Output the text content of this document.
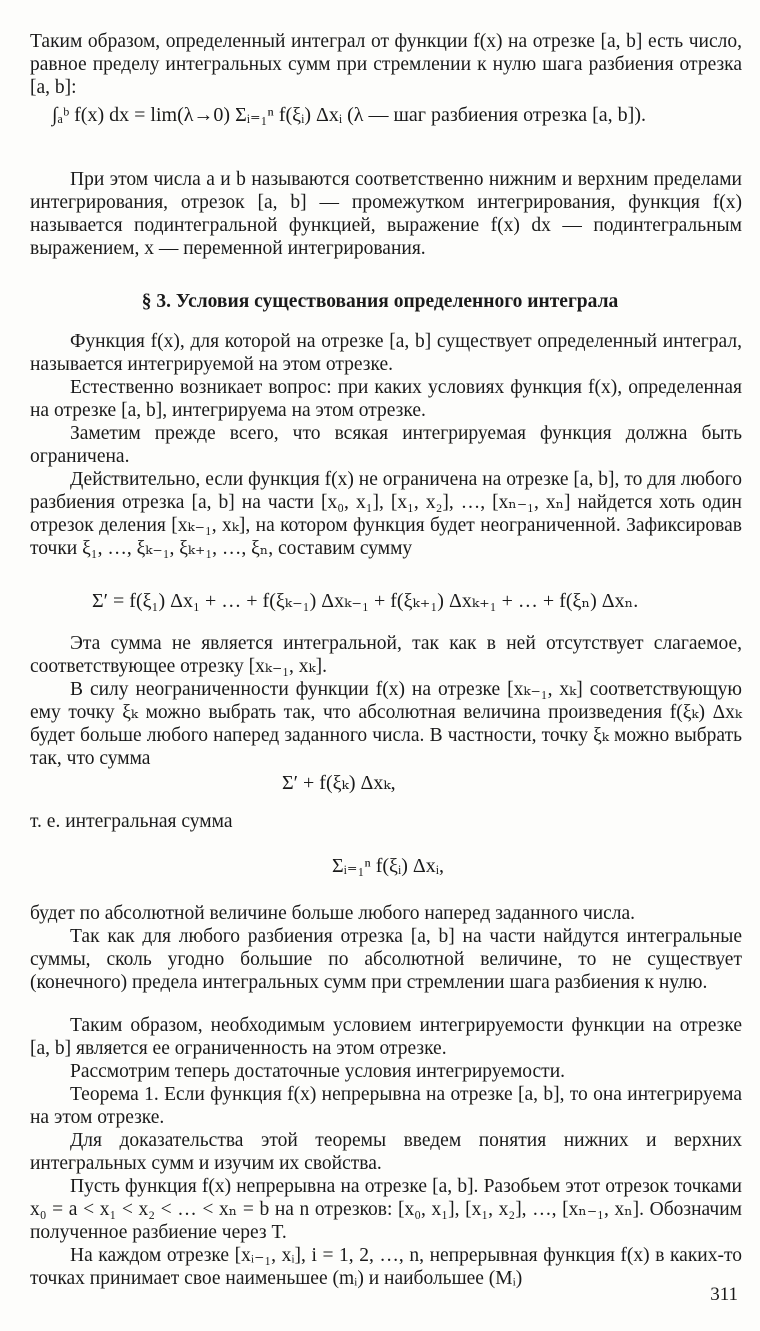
Таким образом, определенный интеграл от функции f(x) на отрезке [a, b] есть число, равное пределу интегральных сумм при стремлении к нулю шага разбиения отрезка [a, b]:

∫ₐᵇ f(x) dx = lim(λ→0) Σᵢ₌₁ⁿ f(ξᵢ) Δxᵢ (λ — шаг разбиения отрезка [a, b]).

При этом числа a и b называются соответственно нижним и верхним пределами интегрирования, отрезок [a, b] — промежутком интегрирования, функция f(x) называется подинтегральной функцией, выражение f(x) dx — подинтегральным выражением, x — переменной интегрирования.

§ 3. Условия существования определенного интеграла

Функция f(x), для которой на отрезке [a, b] существует определенный интеграл, называется интегрируемой на этом отрезке.

Естественно возникает вопрос: при каких условиях функция f(x), определенная на отрезке [a, b], интегрируема на этом отрезке.

Заметим прежде всего, что всякая интегрируемая функция должна быть ограничена.

Действительно, если функция f(x) не ограничена на отрезке [a, b], то для любого разбиения отрезка [a, b] на части [x₀, x₁], [x₁, x₂], …, [xₙ₋₁, xₙ] найдется хоть один отрезок деления [xₖ₋₁, xₖ], на котором функция будет неограниченной. Зафиксировав точки ξ₁, …, ξₖ₋₁, ξₖ₊₁, …, ξₙ, составим сумму

Σ′ = f(ξ₁) Δx₁ + … + f(ξₖ₋₁) Δxₖ₋₁ + f(ξₖ₊₁) Δxₖ₊₁ + … + f(ξₙ) Δxₙ.

Эта сумма не является интегральной, так как в ней отсутствует слагаемое, соответствующее отрезку [xₖ₋₁, xₖ].

В силу неограниченности функции f(x) на отрезке [xₖ₋₁, xₖ] соответствующую ему точку ξₖ можно выбрать так, что абсолютная величина произведения f(ξₖ) Δxₖ будет больше любого наперед заданного числа. В частности, точку ξₖ можно выбрать так, что сумма

Σ′ + f(ξₖ) Δxₖ,

т. е. интегральная сумма

Σᵢ₌₁ⁿ f(ξᵢ) Δxᵢ,

будет по абсолютной величине больше любого наперед заданного числа.

Так как для любого разбиения отрезка [a, b] на части найдутся интегральные суммы, сколь угодно большие по абсолютной величине, то не существует (конечного) предела интегральных сумм при стремлении шага разбиения к нулю.

Таким образом, необходимым условием интегрируемости функции на отрезке [a, b] является ее ограниченность на этом отрезке.

Рассмотрим теперь достаточные условия интегрируемости.

Теорема 1. Если функция f(x) непрерывна на отрезке [a, b], то она интегрируема на этом отрезке.

Для доказательства этой теоремы введем понятия нижних и верхних интегральных сумм и изучим их свойства.

Пусть функция f(x) непрерывна на отрезке [a, b]. Разобьем этот отрезок точками x₀ = a < x₁ < x₂ < … < xₙ = b на n отрезков: [x₀, x₁], [x₁, x₂], …, [xₙ₋₁, xₙ]. Обозначим полученное разбиение через T.

На каждом отрезке [xᵢ₋₁, xᵢ], i = 1, 2, …, n, непрерывная функция f(x) в каких-то точках принимает свое наименьшее (mᵢ) и наибольшее (Mᵢ)

311
